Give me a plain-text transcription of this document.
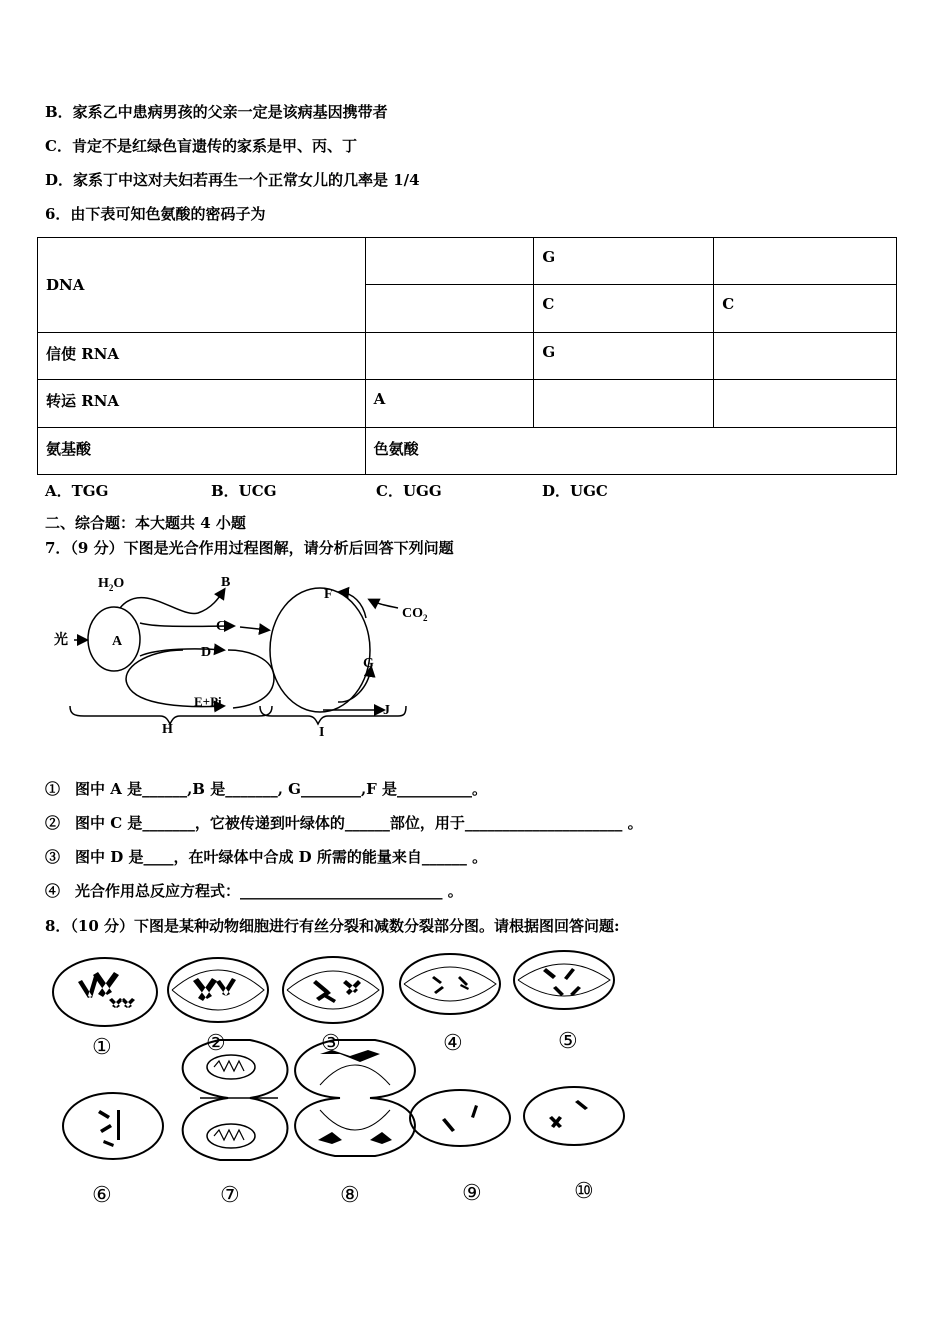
B．家系乙中患病男孩的父亲一定是该病基因携带者
C．肯定不是红绿色盲遗传的家系是甲、丙、丁
D．家系丁中这对夫妇若再生一个正常女儿的几率是 1/4
6．由下表可知色氨酸的密码子为
DNA		G	
		C	C
信使 RNA		G	
转运 RNA	A		
氨基酸	色氨酸		
A．TGG	B．UCG	C．UGG	D．UGC
二、综合题：本大题共 4 小题
7．（9 分）下图是光合作用过程图解，请分析后回答下列问题
$H_2O$	B
光	A
C
D
E+Pi
F
$CO_2$
G
J
H	I
①　图中 A 是______,B 是_______, G________,F 是__________。
②　图中 C 是_______，它被传递到叶绿体的______部位，用于_____________________ 。
③　图中 D 是____，在叶绿体中合成 D 所需的能量来自______ 。
④　光合作用总反应方程式：___________________________ 。
8．（10 分）下图是某种动物细胞进行有丝分裂和减数分裂部分图。请根据图回答问题:
①	②	③	④	⑤
⑥	⑦	⑧	⑨	⑩
